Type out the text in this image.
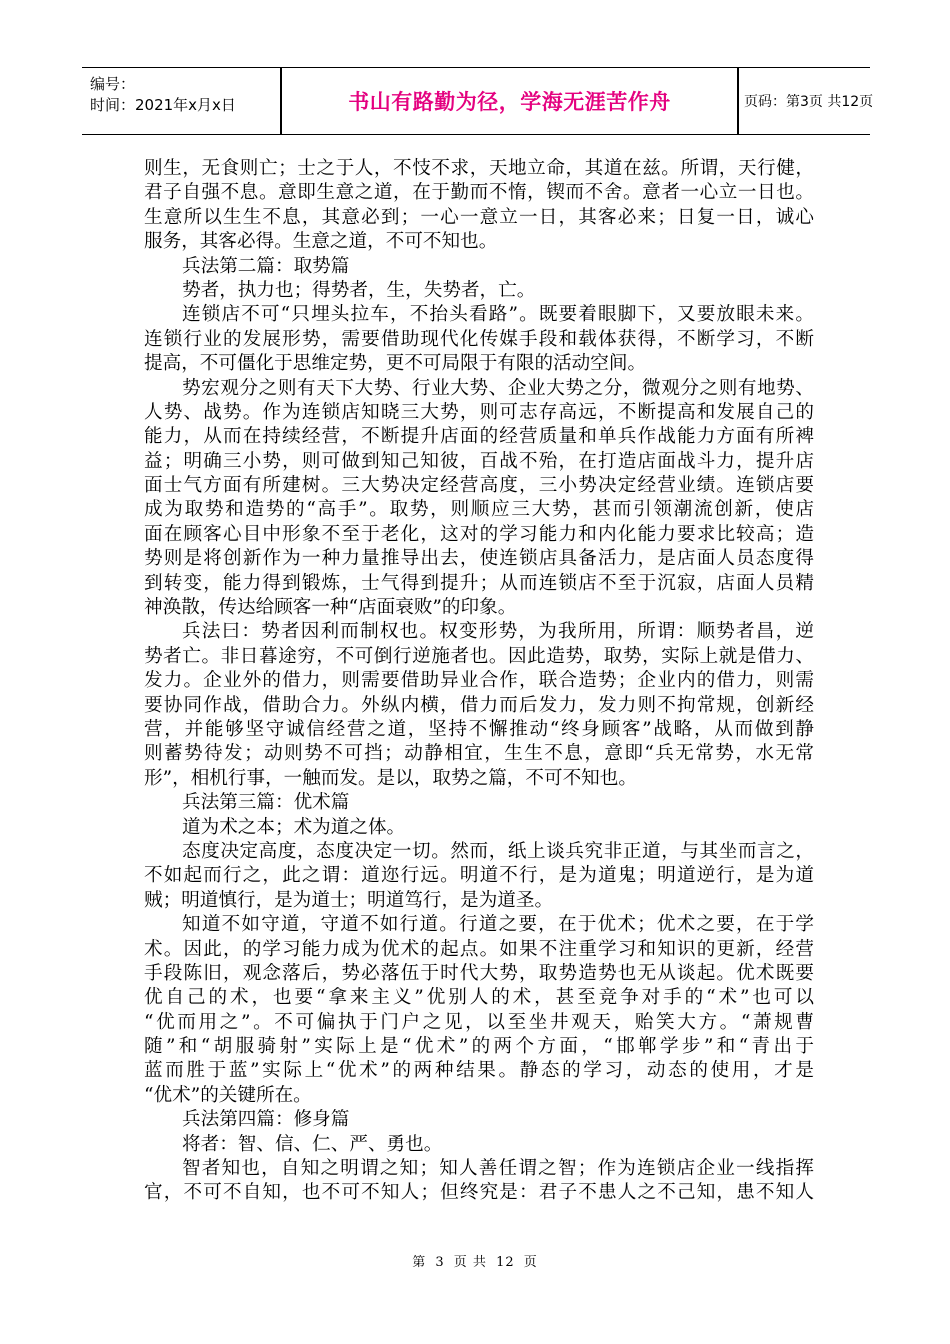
编号：
时间：2021年x月x日	书山有路勤为径，学海无涯苦作舟	页码：第3页 共12页
则生，无食则亡；士之于人，不忮不求，天地立命，其道在兹。所谓，天行健，
君子自强不息。意即生意之道，在于勤而不惰，锲而不舍。意者一心立一日也。
生意所以生生不息，其意必到；一心一意立一日，其客必来；日复一日，诚心
服务，其客必得。生意之道，不可不知也。
兵法第二篇：取势篇
势者，执力也；得势者，生，失势者，亡。
连锁店不可“只埋头拉车，不抬头看路”。既要着眼脚下，又要放眼未来。
连锁行业的发展形势，需要借助现代化传媒手段和载体获得，不断学习，不断
提高，不可僵化于思维定势，更不可局限于有限的活动空间。
势宏观分之则有天下大势、行业大势、企业大势之分，微观分之则有地势、
人势、战势。作为连锁店知晓三大势，则可志存高远，不断提高和发展自己的
能力，从而在持续经营，不断提升店面的经营质量和单兵作战能力方面有所裨
益；明确三小势，则可做到知己知彼，百战不殆，在打造店面战斗力，提升店
面士气方面有所建树。三大势决定经营高度，三小势决定经营业绩。连锁店要
成为取势和造势的“高手”。取势，则顺应三大势，甚而引领潮流创新，使店
面在顾客心目中形象不至于老化，这对的学习能力和内化能力要求比较高；造
势则是将创新作为一种力量推导出去，使连锁店具备活力，是店面人员态度得
到转变，能力得到锻炼，士气得到提升；从而连锁店不至于沉寂，店面人员精
神涣散，传达给顾客一种“店面衰败”的印象。
兵法曰：势者因利而制权也。权变形势，为我所用，所谓：顺势者昌，逆
势者亡。非日暮途穷，不可倒行逆施者也。因此造势，取势，实际上就是借力、
发力。企业外的借力，则需要借助异业合作，联合造势；企业内的借力，则需
要协同作战，借助合力。外纵内横，借力而后发力，发力则不拘常规，创新经
营，并能够坚守诚信经营之道，坚持不懈推动“终身顾客”战略，从而做到静
则蓄势待发；动则势不可挡；动静相宜，生生不息，意即“兵无常势，水无常
形”，相机行事，一触而发。是以，取势之篇，不可不知也。
兵法第三篇：优术篇
道为术之本；术为道之体。
态度决定高度，态度决定一切。然而，纸上谈兵究非正道，与其坐而言之，
不如起而行之，此之谓：道迩行远。明道不行，是为道鬼；明道逆行，是为道
贼；明道慎行，是为道士；明道笃行，是为道圣。
知道不如守道，守道不如行道。行道之要，在于优术；优术之要，在于学
术。因此，的学习能力成为优术的起点。如果不注重学习和知识的更新，经营
手段陈旧，观念落后，势必落伍于时代大势，取势造势也无从谈起。优术既要
优自己的术，也要“拿来主义”优别人的术，甚至竞争对手的“术”也可以
“优而用之”。不可偏执于门户之见，以至坐井观天，贻笑大方。“萧规曹
随”和“胡服骑射”实际上是“优术”的两个方面，“邯郸学步”和“青出于
蓝而胜于蓝”实际上“优术”的两种结果。静态的学习，动态的使用，才是
“优术”的关键所在。
兵法第四篇：修身篇
将者：智、信、仁、严、勇也。
智者知也，自知之明谓之知；知人善任谓之智；作为连锁店企业一线指挥
官，不可不自知，也不可不知人；但终究是：君子不患人之不己知，患不知人
第 3 页 共 12 页
